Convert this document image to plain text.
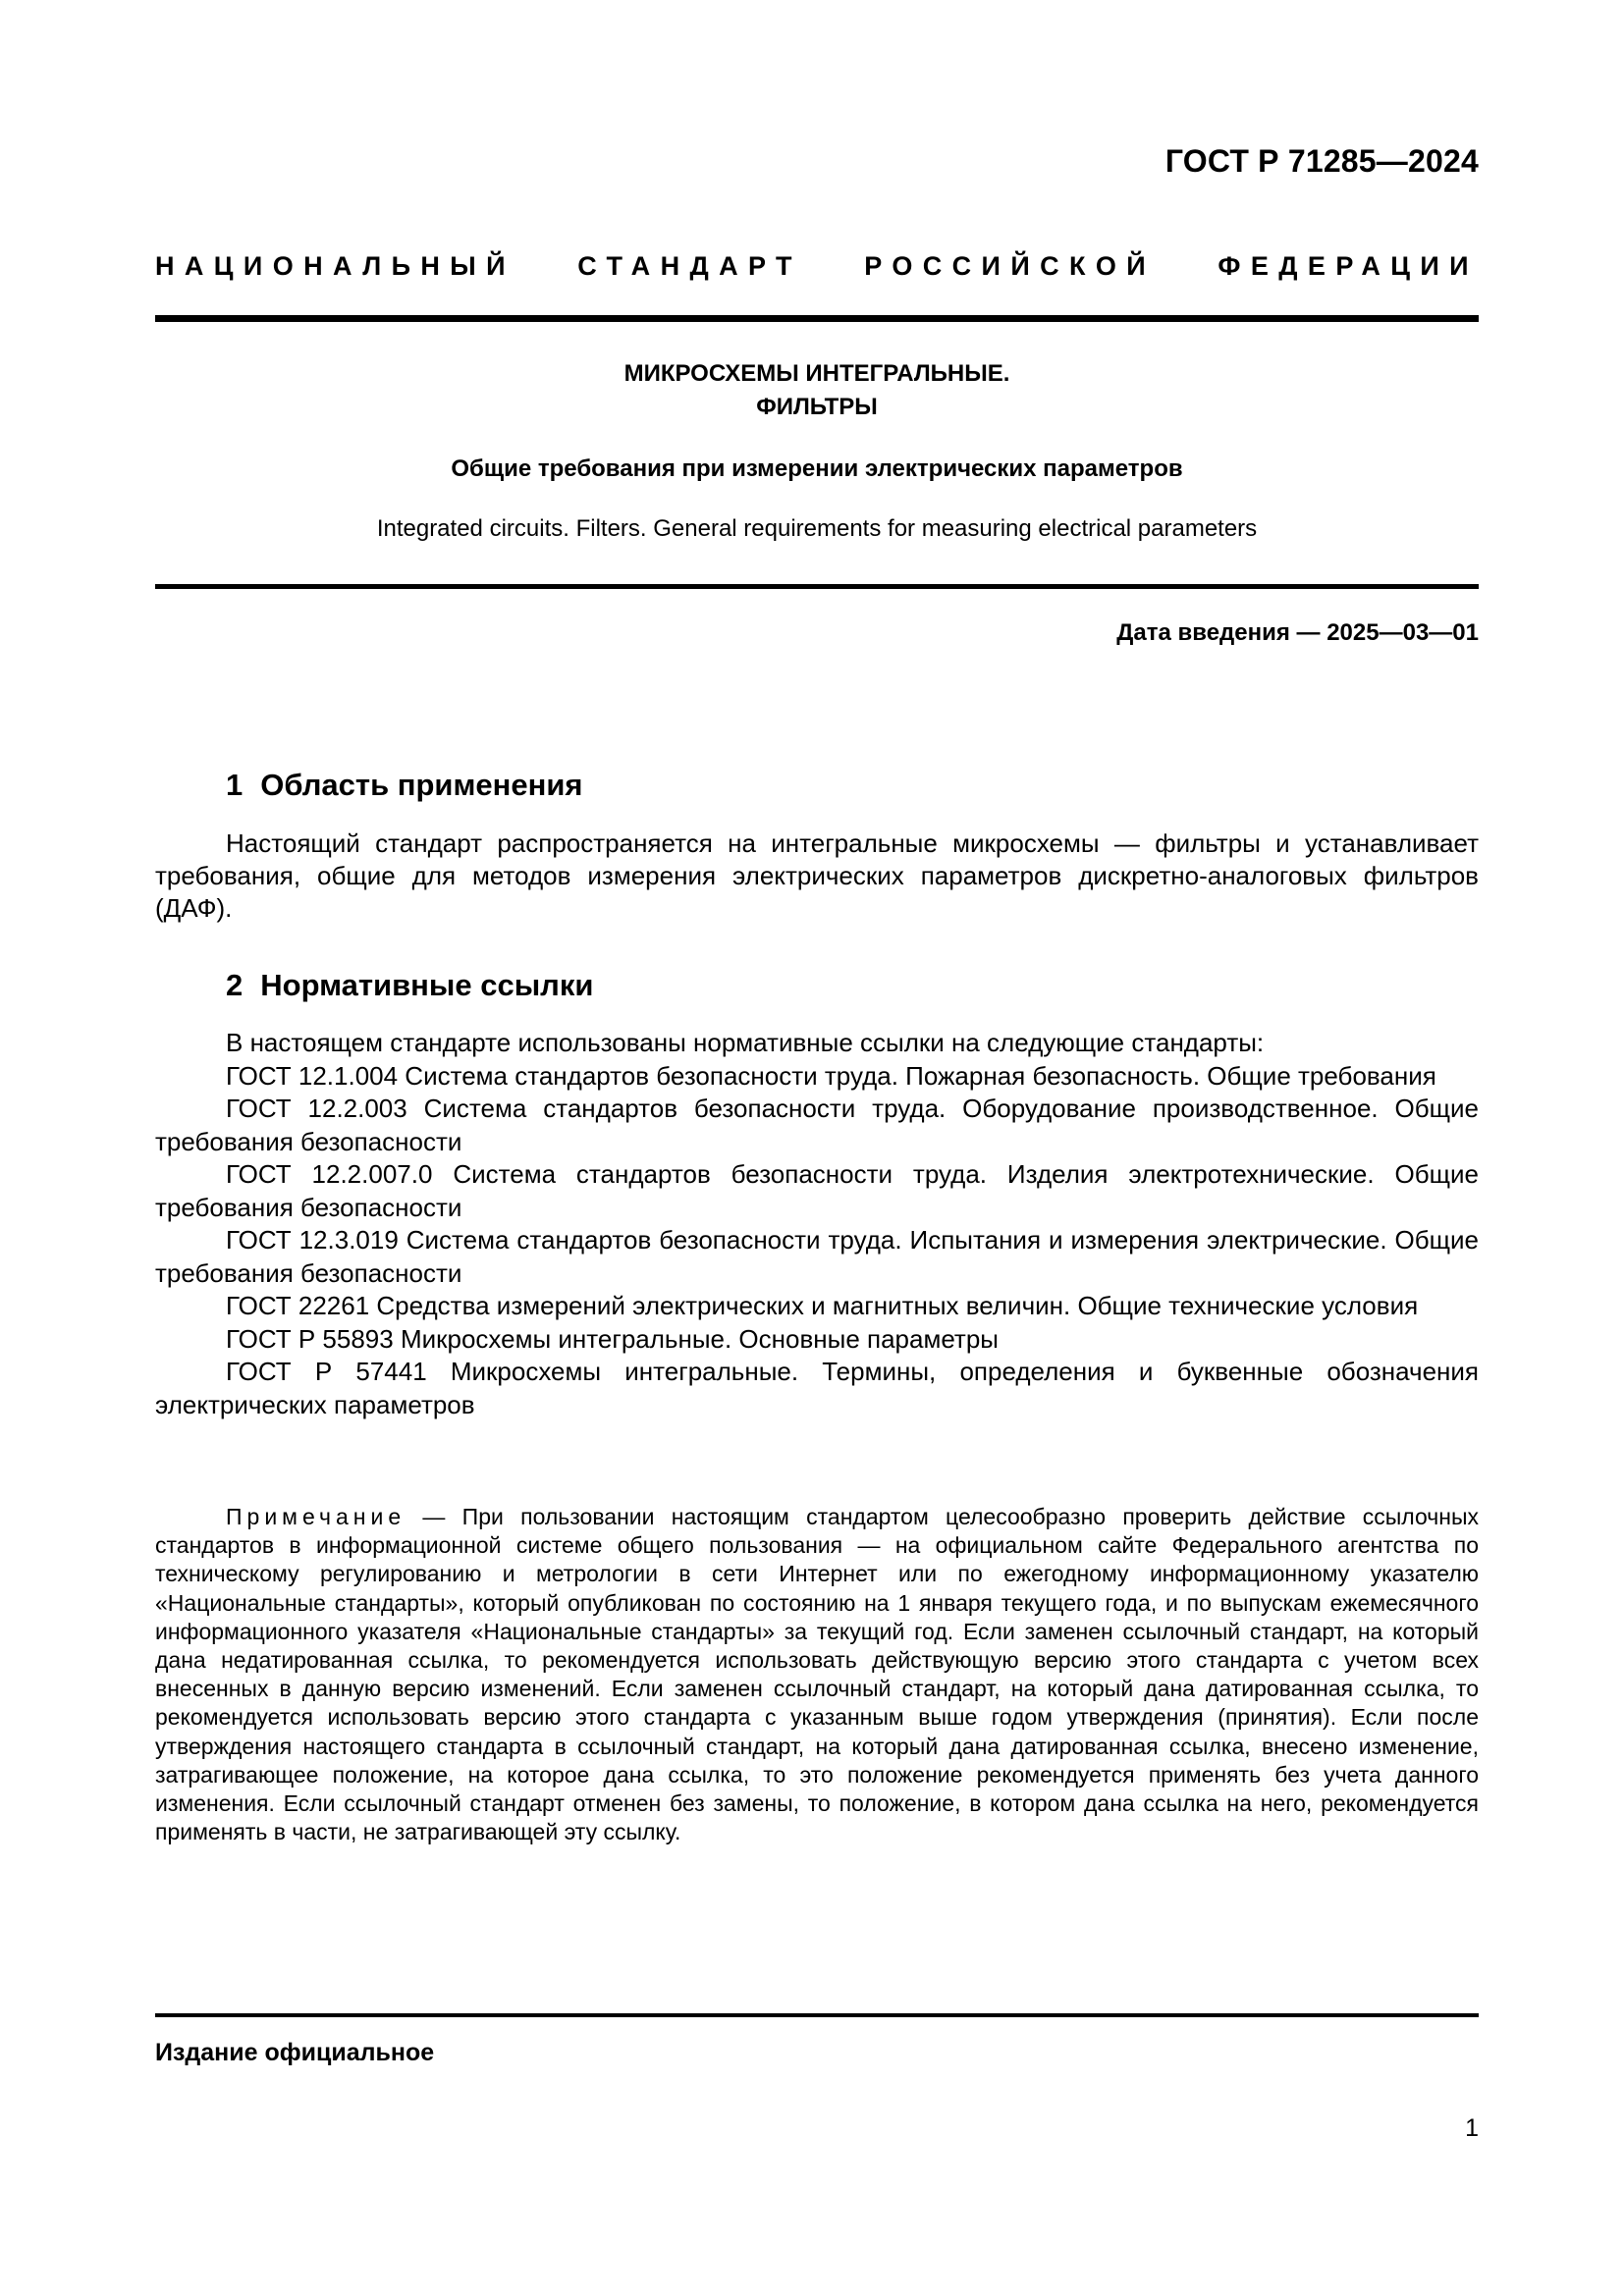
ГОСТ Р 71285—2024
НАЦИОНАЛЬНЫЙ СТАНДАРТ РОССИЙСКОЙ ФЕДЕРАЦИИ
МИКРОСХЕМЫ ИНТЕГРАЛЬНЫЕ.
ФИЛЬТРЫ
Общие требования при измерении электрических параметров
Integrated circuits. Filters. General requirements for measuring electrical parameters
Дата введения — 2025—03—01
1 Область применения
Настоящий стандарт распространяется на интегральные микросхемы — фильтры и устанавливает требования, общие для методов измерения электрических параметров дискретно-аналоговых фильтров (ДАФ).
2 Нормативные ссылки

В настоящем стандарте использованы нормативные ссылки на следующие стандарты:

ГОСТ 12.1.004 Система стандартов безопасности труда. Пожарная безопасность. Общие требования

ГОСТ 12.2.003 Система стандартов безопасности труда. Оборудование производственное. Общие требования безопасности

ГОСТ 12.2.007.0 Система стандартов безопасности труда. Изделия электротехнические. Общие требования безопасности

ГОСТ 12.3.019 Система стандартов безопасности труда. Испытания и измерения электрические. Общие требования безопасности

ГОСТ 22261 Средства измерений электрических и магнитных величин. Общие технические условия

ГОСТ Р 55893 Микросхемы интегральные. Основные параметры

ГОСТ Р 57441 Микросхемы интегральные. Термины, определения и буквенные обозначения электрических параметров

Примечание — При пользовании настоящим стандартом целесообразно проверить действие ссылочных стандартов в информационной системе общего пользования — на официальном сайте Федерального агентства по техническому регулированию и метрологии в сети Интернет или по ежегодному информационному указателю «Национальные стандарты», который опубликован по состоянию на 1 января текущего года, и по выпускам ежемесячного информационного указателя «Национальные стандарты» за текущий год. Если заменен ссылочный стандарт, на который дана недатированная ссылка, то рекомендуется использовать действующую версию этого стандарта с учетом всех внесенных в данную версию изменений. Если заменен ссылочный стандарт, на который дана датированная ссылка, то рекомендуется использовать версию этого стандарта с указанным выше годом утверждения (принятия). Если после утверждения настоящего стандарта в ссылочный стандарт, на который дана датированная ссылка, внесено изменение, затрагивающее положение, на которое дана ссылка, то это положение рекомендуется применять без учета данного изменения. Если ссылочный стандарт отменен без замены, то положение, в котором дана ссылка на него, рекомендуется применять в части, не затрагивающей эту ссылку.
Издание официальное
1
